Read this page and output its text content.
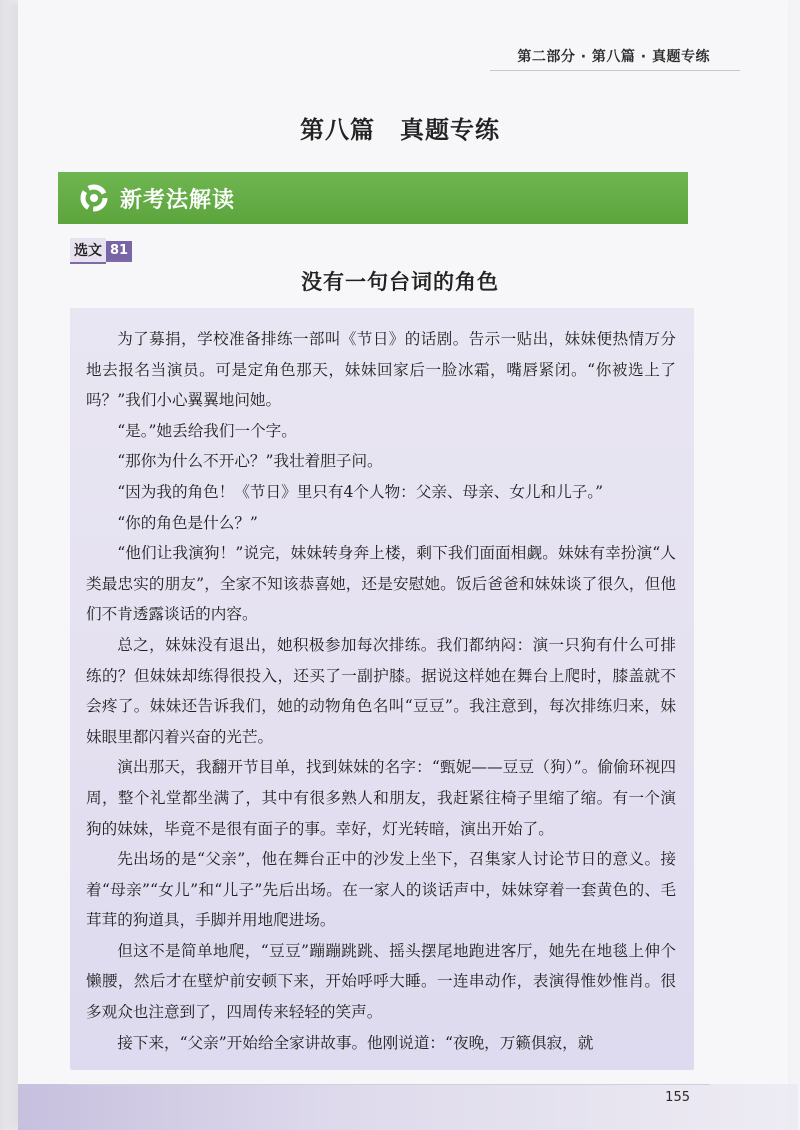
第二部分 · 第八篇 · 真题专练
第八篇　真题专练
新考法解读
选文 81
没有一句台词的角色

为了募捐，学校准备排练一部叫《节日》的话剧。告示一贴出，妹妹便热情万分地去报名当演员。可是定角色那天，妹妹回家后一脸冰霜，嘴唇紧闭。“你被选上了吗？”我们小心翼翼地问她。

“是。”她丢给我们一个字。

“那你为什么不开心？”我壮着胆子问。

“因为我的角色！《节日》里只有4个人物：父亲、母亲、女儿和儿子。”

“你的角色是什么？”

“他们让我演狗！”说完，妹妹转身奔上楼，剩下我们面面相觑。妹妹有幸扮演“人类最忠实的朋友”，全家不知该恭喜她，还是安慰她。饭后爸爸和妹妹谈了很久，但他们不肯透露谈话的内容。

总之，妹妹没有退出，她积极参加每次排练。我们都纳闷：演一只狗有什么可排练的？但妹妹却练得很投入，还买了一副护膝。据说这样她在舞台上爬时，膝盖就不会疼了。妹妹还告诉我们，她的动物角色名叫“豆豆”。我注意到，每次排练归来，妹妹眼里都闪着兴奋的光芒。

演出那天，我翻开节目单，找到妹妹的名字：“甄妮——豆豆（狗）”。偷偷环视四周，整个礼堂都坐满了，其中有很多熟人和朋友，我赶紧往椅子里缩了缩。有一个演狗的妹妹，毕竟不是很有面子的事。幸好，灯光转暗，演出开始了。

先出场的是“父亲”，他在舞台正中的沙发上坐下，召集家人讨论节日的意义。接着“母亲”“女儿”和“儿子”先后出场。在一家人的谈话声中，妹妹穿着一套黄色的、毛茸茸的狗道具，手脚并用地爬进场。

但这不是简单地爬，“豆豆”蹦蹦跳跳、摇头摆尾地跑进客厅，她先在地毯上伸个懒腰，然后才在壁炉前安顿下来，开始呼呼大睡。一连串动作，表演得惟妙惟肖。很多观众也注意到了，四周传来轻轻的笑声。

接下来，“父亲”开始给全家讲故事。他刚说道：“夜晚，万籁俱寂，就

155
